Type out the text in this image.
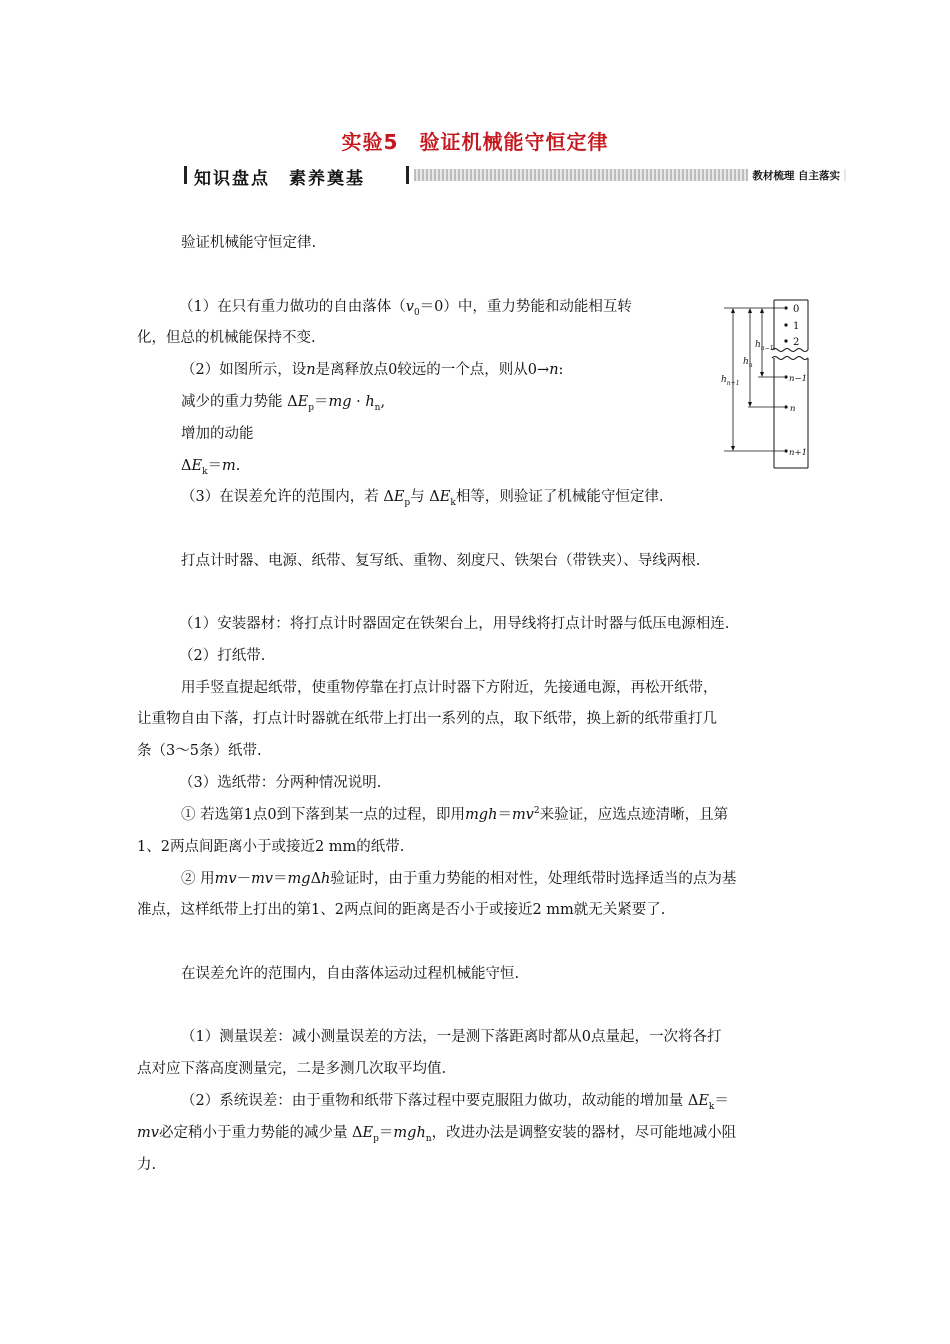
实验5　验证机械能守恒定律
知识盘点　素养奠基	教材梳理 自主落实
验证机械能守恒定律.
（1）在只有重力做功的自由落体$(v_0=0)$中，重力势能和动能相互转
化，但总的机械能保持不变.
（2）如图所示，设n是离释放点0较远的一个点，则从0→n:
减少的重力势能 $\Delta E_p=mg \cdot h_n$,
增加的动能
$\Delta E_k=m$.
（3）在误差允许的范围内，若 $\Delta E_p$与 $\Delta E_k$相等，则验证了机械能守恒定律.
0
1
2
n−1
n
n+1
$h_{n+1}$
$h_n$
$h_{n-1}$
打点计时器、电源、纸带、复写纸、重物、刻度尺、铁架台（带铁夹）、导线两根.
（1）安装器材：将打点计时器固定在铁架台上，用导线将打点计时器与低压电源相连.
（2）打纸带.
用手竖直提起纸带，使重物停靠在打点计时器下方附近，先接通电源，再松开纸带，
让重物自由下落，打点计时器就在纸带上打出一系列的点，取下纸带，换上新的纸带重打几
条（3～5条）纸带.
（3）选纸带：分两种情况说明.
① 若选第1点0到下落到某一点的过程，即用$mgh=mv^2$来验证，应选点迹清晰，且第
1、2两点间距离小于或接近2 mm的纸带.
② 用mv－mv＝mgΔh验证时，由于重力势能的相对性，处理纸带时选择适当的点为基
准点，这样纸带上打出的第1、2两点间的距离是否小于或接近2 mm就无关紧要了.
在误差允许的范围内，自由落体运动过程机械能守恒.
（1）测量误差：减小测量误差的方法，一是测下落距离时都从0点量起，一次将各打
点对应下落高度测量完，二是多测几次取平均值.
（2）系统误差：由于重物和纸带下落过程中要克服阻力做功，故动能的增加量 $\Delta E_k=$
mv必定稍小于重力势能的减少量 $\Delta E_p=mgh_n$，改进办法是调整安装的器材，尽可能地减小阻
力.
